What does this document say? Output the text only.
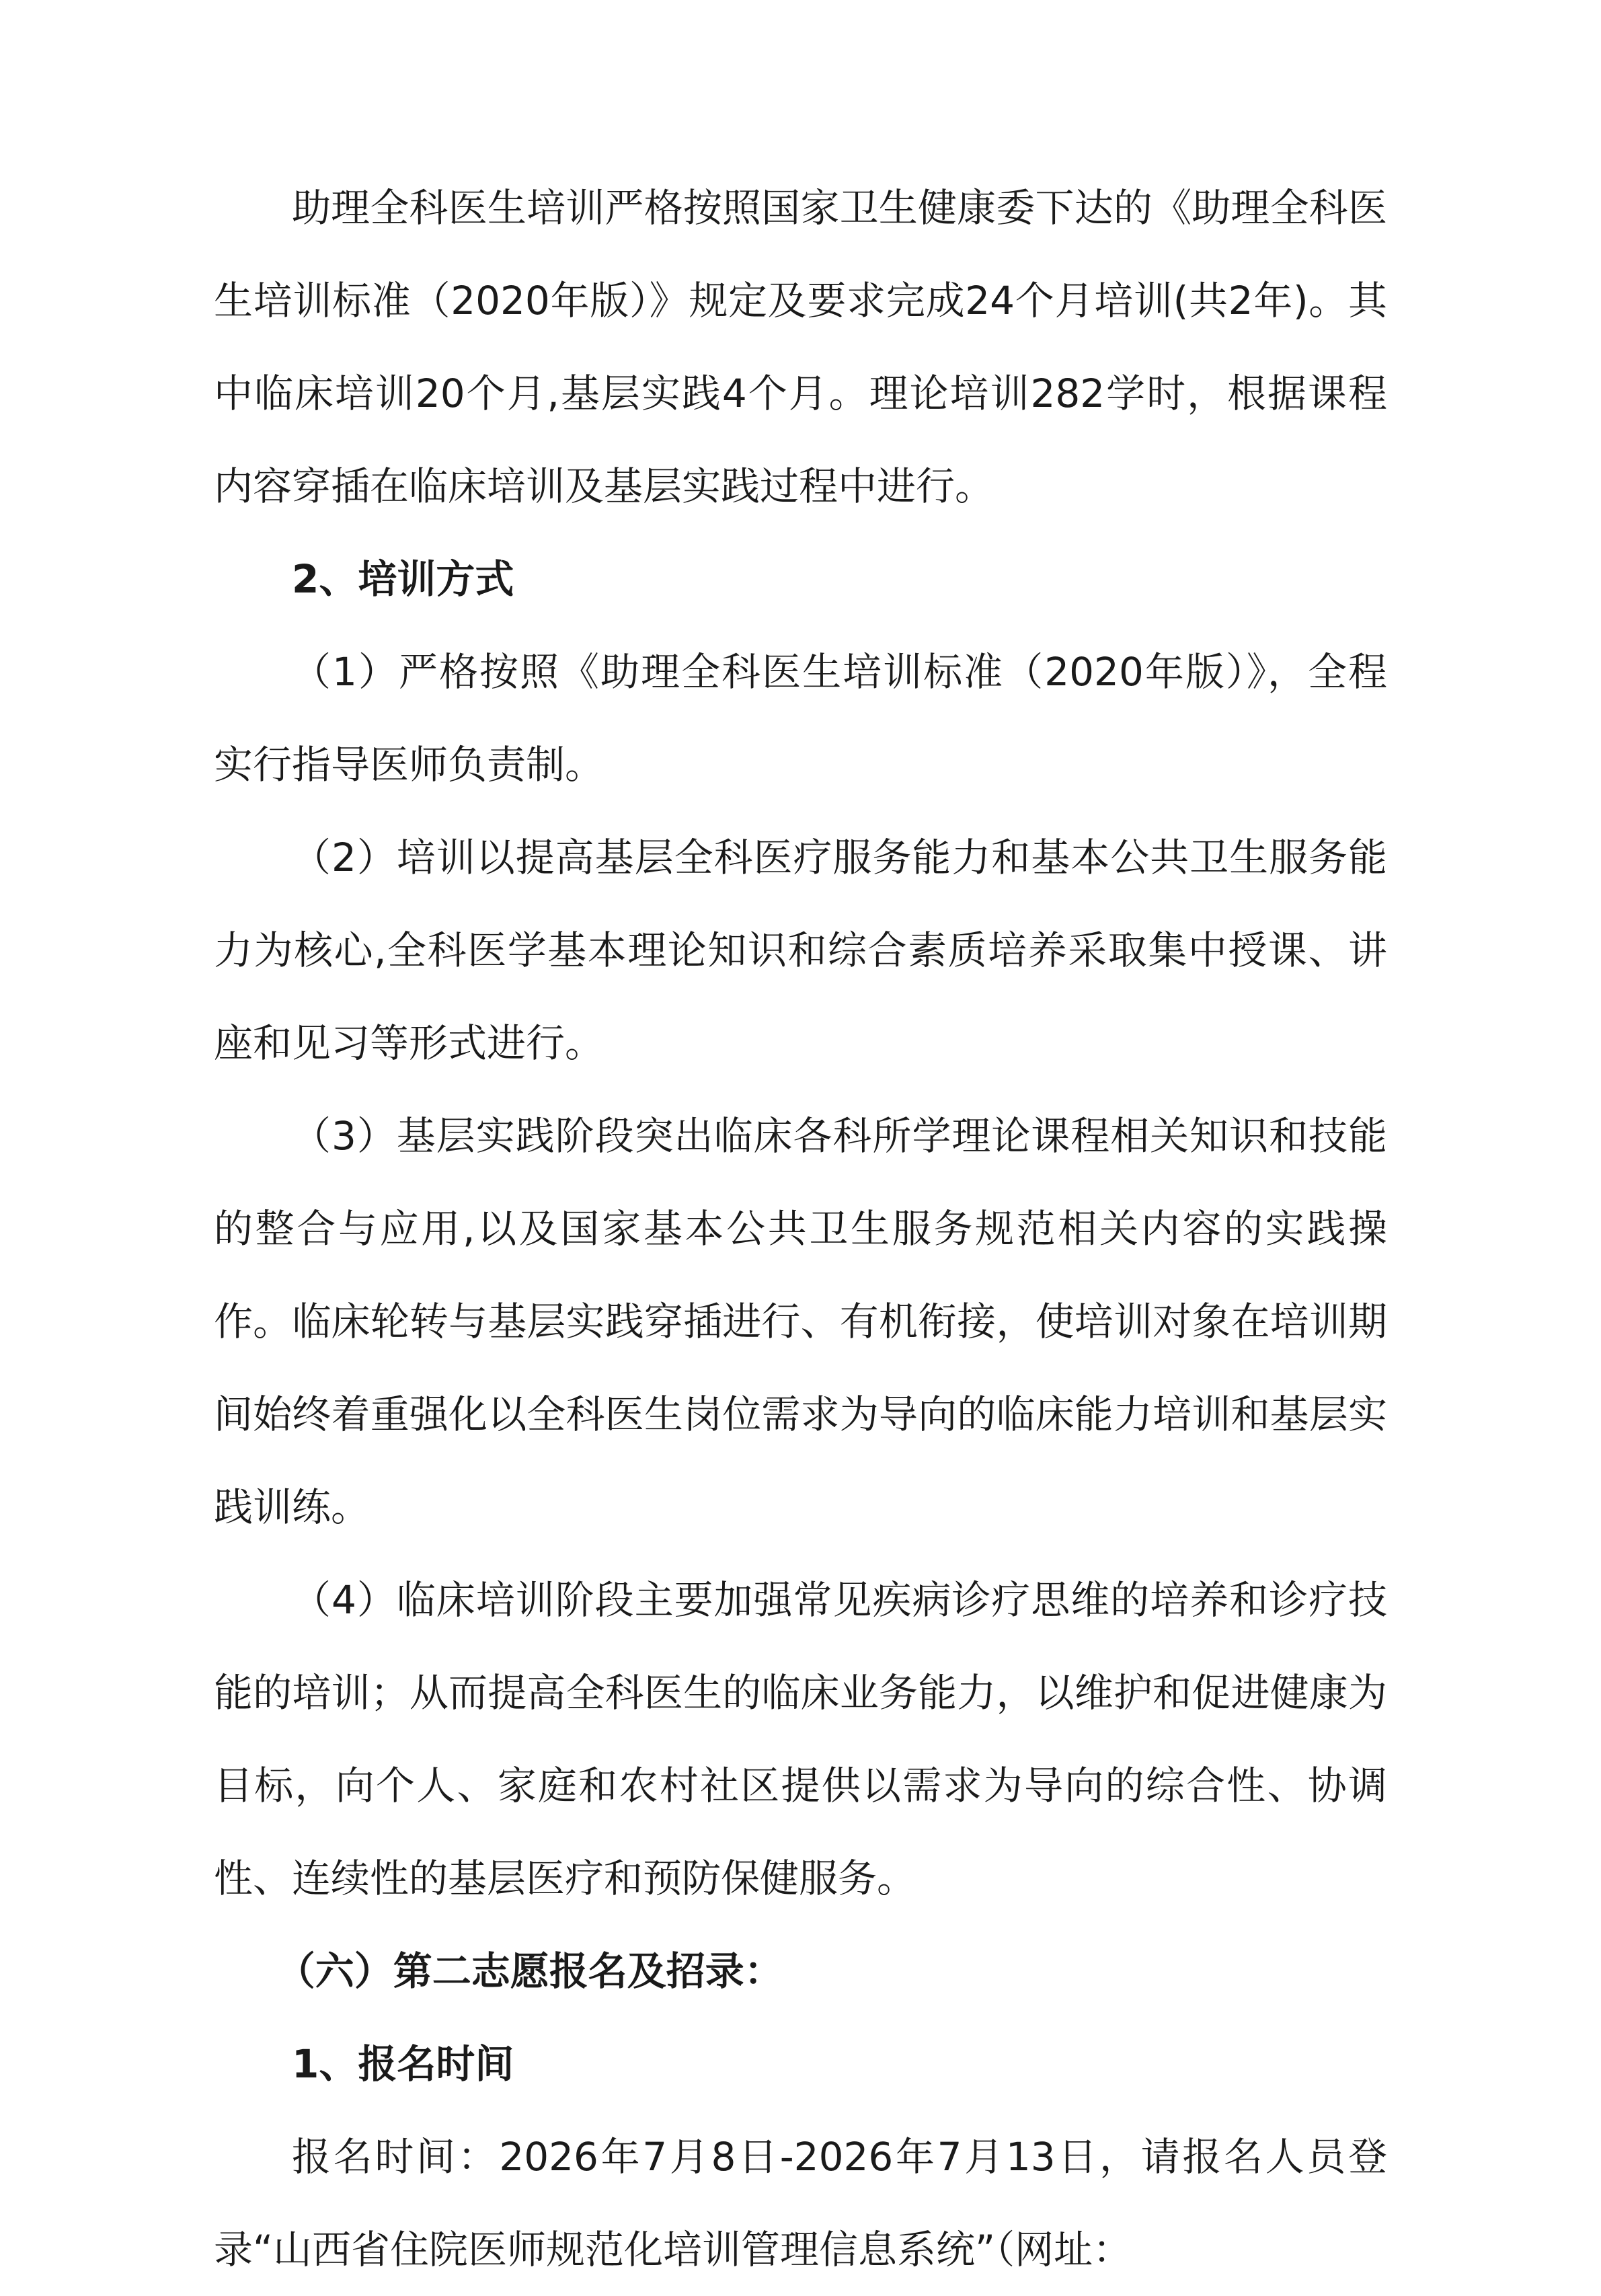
助理全科医生培训严格按照国家卫生健康委下达的《助理全科医生培训标准（2020年版）》规定及要求完成24个月培训(共2年)。其中临床培训20个月,基层实践4个月。理论培训282学时，根据课程内容穿插在临床培训及基层实践过程中进行。

2、培训方式

（1）严格按照《助理全科医生培训标准（2020年版）》，全程实行指导医师负责制。

（2）培训以提高基层全科医疗服务能力和基本公共卫生服务能力为核心,全科医学基本理论知识和综合素质培养采取集中授课、讲座和见习等形式进行。

（3）基层实践阶段突出临床各科所学理论课程相关知识和技能的整合与应用,以及国家基本公共卫生服务规范相关内容的实践操作。临床轮转与基层实践穿插进行、有机衔接，使培训对象在培训期间始终着重强化以全科医生岗位需求为导向的临床能力培训和基层实践训练。

（4）临床培训阶段主要加强常见疾病诊疗思维的培养和诊疗技能的培训；从而提高全科医生的临床业务能力，以维护和促进健康为目标，向个人、家庭和农村社区提供以需求为导向的综合性、协调性、连续性的基层医疗和预防保健服务。

（六）第二志愿报名及招录：
1、报名时间

报名时间：2026年7月8日-2026年7月13日，请报名人员登录“山西省住院医师规范化培训管理信息系统”（网址：
